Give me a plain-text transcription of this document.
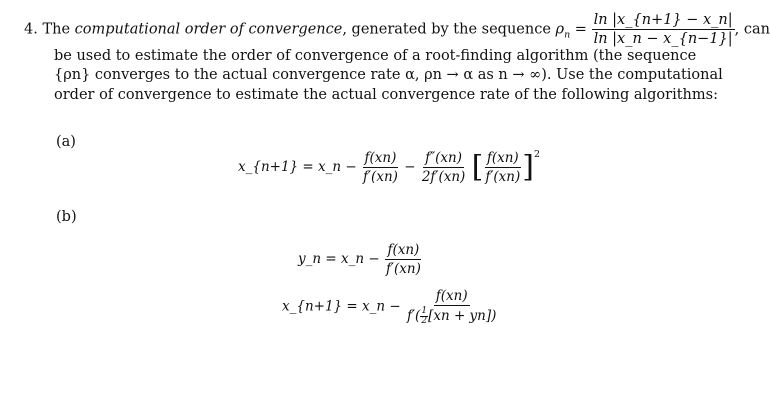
4. The computational order of convergence, generated by the sequence $\rho_n = \frac{\ln |x\_\{n+1\} - x\_n|}{\ln |x\_n - x\_\{n-1\}|}$ , can
be used to estimate the order of convergence of a root-finding algorithm (the sequence
{ρn} converges to the actual convergence rate α, ρn → α as n → ∞). Use the computational
order of convergence to estimate the actual convergence rate of the following algorithms:
(a)
(b)
x_{n+1} = x_n − $\frac{f(xn)}{f'(xn)} - \frac{f''(xn)}{2f'(xn)}$ [ $\frac{f(xn)}{f'(xn)} ]^2$
y_n = x_n − $\frac{f(xn)}{f'(xn)}$
x_{n+1} = x_n − $\frac{f(xn)}{f'( \frac{1}{2} [xn + yn])}$
